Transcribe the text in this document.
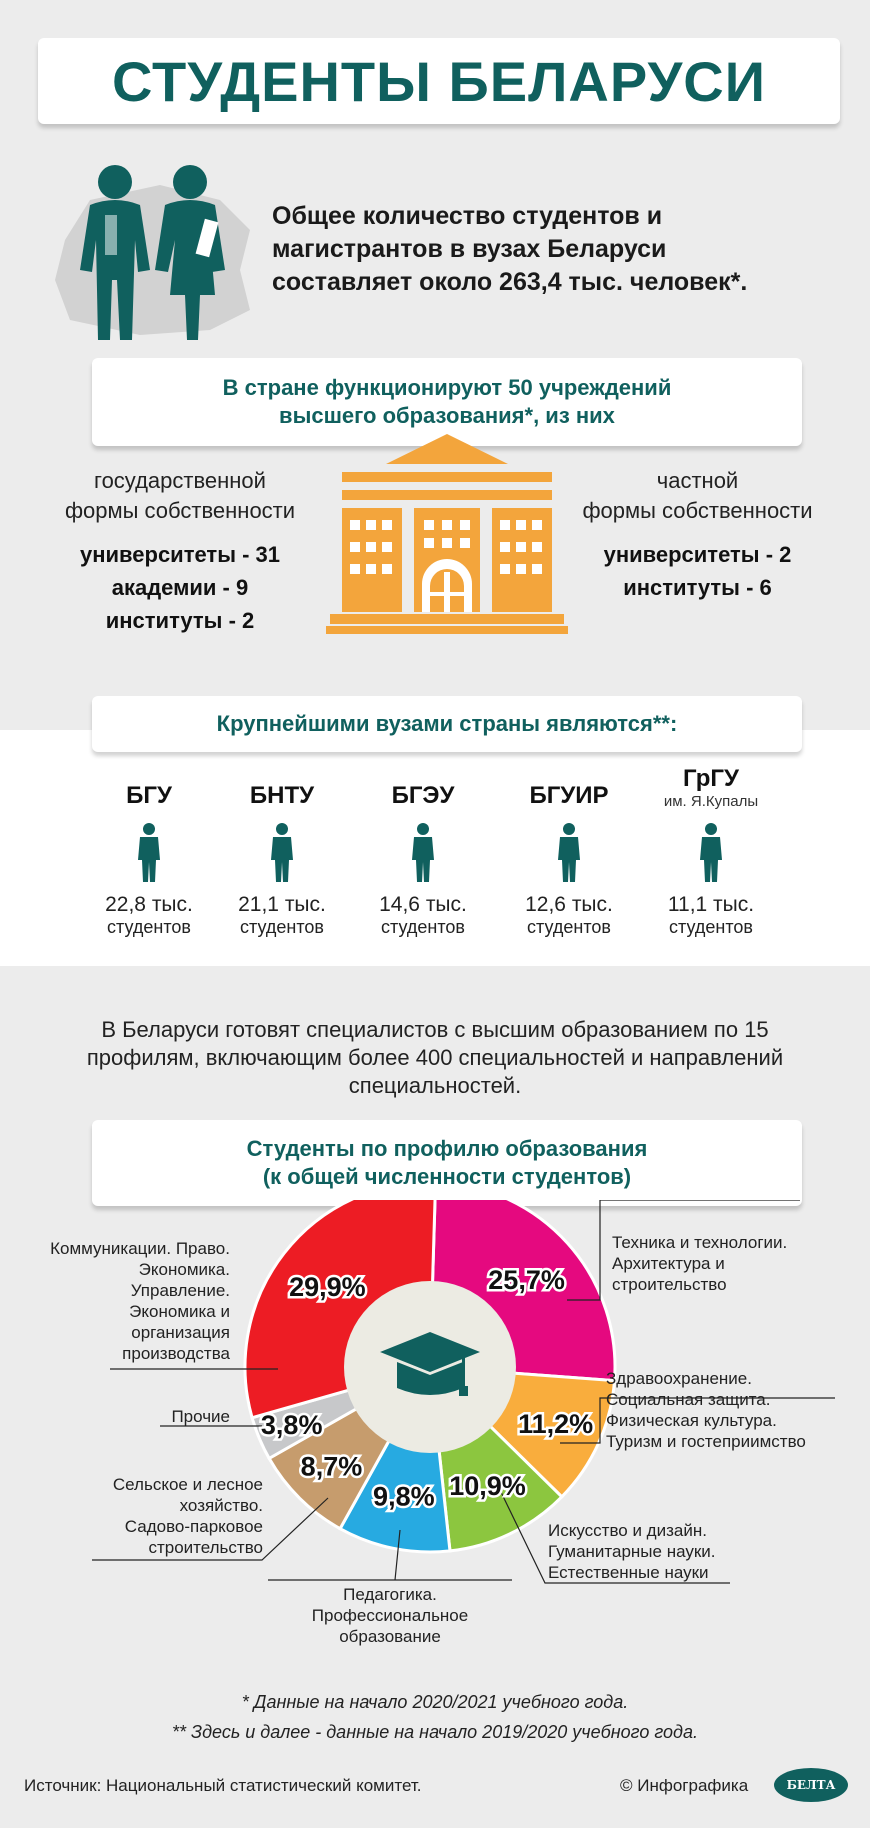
СТУДЕНТЫ БЕЛАРУСИ
Общее количество студентов и
магистрантов в вузах Беларуси
составляет около 263,4 тыс. человек*.
В стране функционируют 50 учреждений
высшего образования*, из них
государственной
формы собственности
университеты - 31
академии - 9
институты - 2
частной
формы собственности
университеты - 2
институты - 6
Крупнейшими вузами страны являются**:
БГУ
22,8 тыс.
студентов
БНТУ
21,1 тыс.
студентов
БГЭУ
14,6 тыс.
студентов
БГУИР
12,6 тыс.
студентов
ГрГУ
им. Я.Купалы
11,1 тыс.
студентов
В Беларуси готовят специалистов с высшим образованием по 15
профилям, включающим более 400 специальностей и направлений
специальностей.
Студенты по профилю образования
(к общей численности студентов)
25,7%
11,2%
10,9%
9,8%
8,7%
3,8%
29,9%
Техника и технологии.
Архитектура и
строительство
Здравоохранение.
Социальная защита.
Физическая культура.
Туризм и гостеприимство
Искусство и дизайн.
Гуманитарные науки.
Естественные науки
Педагогика.
Профессиональное
образование
Сельское и лесное
хозяйство.
Садово-парковое
строительство
Прочие
Коммуникации. Право.
Экономика.
Управление.
Экономика и
организация
производства
* Данные на начало 2020/2021 учебного года.
** Здесь и далее - данные на начало 2019/2020 учебного года.
Источник: Национальный статистический комитет.	© Инфографика	БЕЛТА
